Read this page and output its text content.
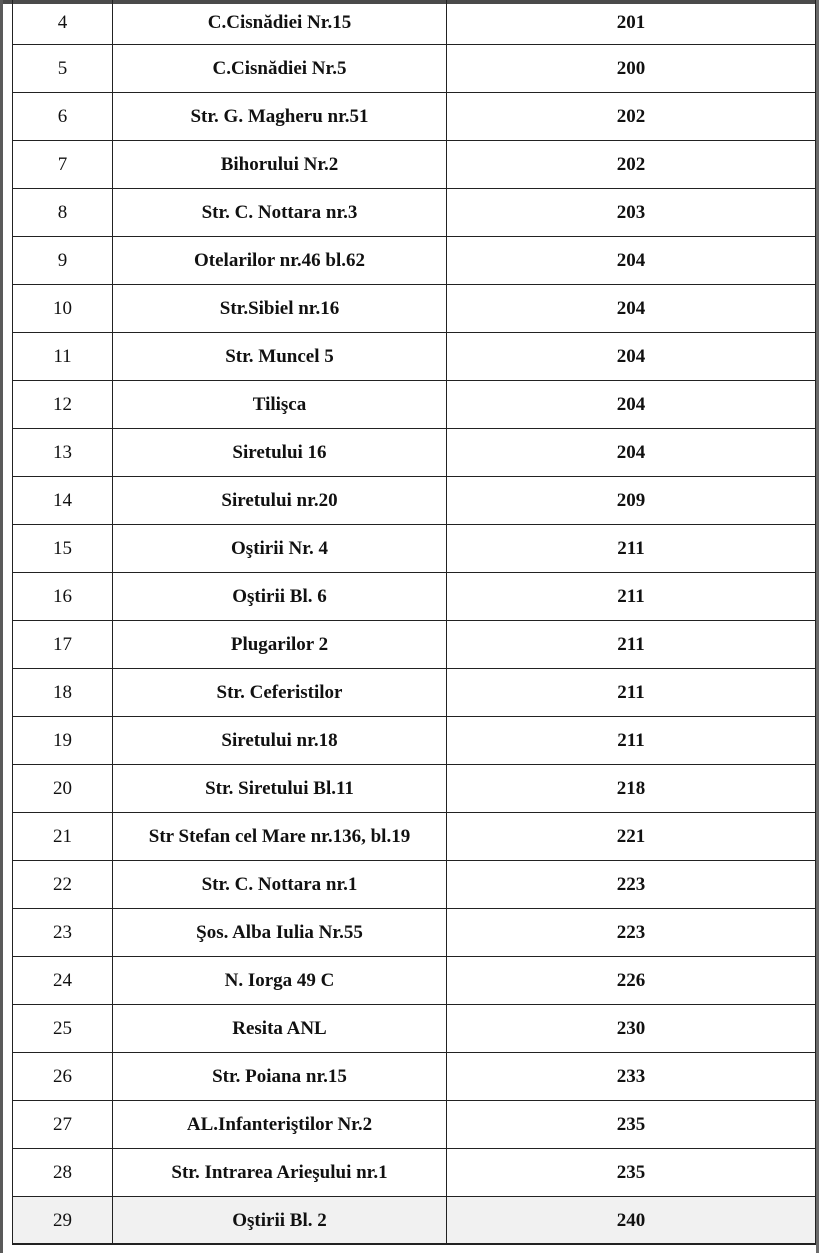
4	C.Cisnădiei Nr.15	201
5	C.Cisnădiei Nr.5	200
6	Str. G. Magheru nr.51	202
7	Bihorului Nr.2	202
8	Str. C. Nottara nr.3	203
9	Otelarilor nr.46 bl.62	204
10	Str.Sibiel nr.16	204
11	Str. Muncel 5	204
12	Tilişca	204
13	Siretului 16	204
14	Siretului nr.20	209
15	Oştirii Nr. 4	211
16	Oştirii Bl. 6	211
17	Plugarilor 2	211
18	Str. Ceferistilor	211
19	Siretului nr.18	211
20	Str. Siretului Bl.11	218
21	Str Stefan cel Mare nr.136, bl.19	221
22	Str. C. Nottara nr.1	223
23	Şos. Alba Iulia Nr.55	223
24	N. Iorga 49 C	226
25	Resita ANL	230
26	Str. Poiana nr.15	233
27	AL.Infanteriştilor Nr.2	235
28	Str. Intrarea Arieşului nr.1	235
29	Oştirii Bl. 2	240
